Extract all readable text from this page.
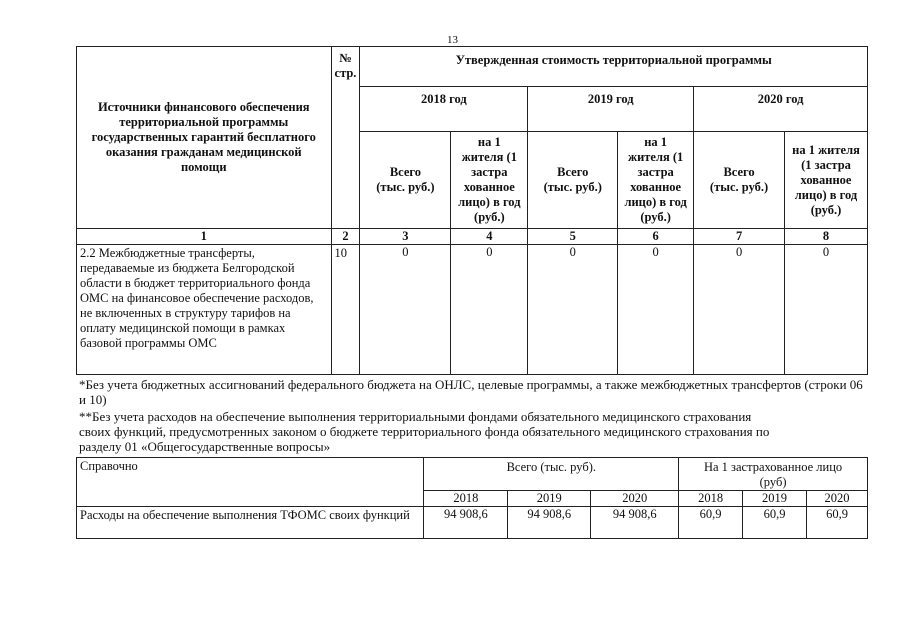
13
Источники финансового обеспечения территориальной программы государственных гарантий бесплатного оказания гражданам медицинской помощи	№ стр.	Утвержденная стоимость территориальной программы					

		2018 год		2019 год		2020 год	

		Всего (тыс. руб.)	на 1 жителя (1 застра хованное лицо) в год (руб.)	Всего (тыс. руб.)	на 1 жителя (1 застра хованное лицо) в год (руб.)	Всего (тыс. руб.)	на 1 жителя (1 застра хованное лицо) в год (руб.)

1	2	3	4	5	6	7	8

2.2 Межбюджетные трансферты, передаваемые из бюджета Белгородской области в бюджет территориального фонда ОМС на финансовое обеспечение расходов, не включенных в структуру тарифов на оплату медицинской помощи в рамках базовой программы ОМС	10	0	0	0	0	0	0
*Без учета бюджетных ассигнований федерального бюджета на ОНЛС, целевые программы, а также межбюджетных трансфертов (строки 06 и 10)
**Без учета расходов на обеспечение выполнения территориальными фондами обязательного медицинского страхования
своих функций, предусмотренных законом о бюджете территориального фонда обязательного медицинского страхования по
разделу 01 «Общегосударственные вопросы»
Справочно	Всего (тыс. руб).			На 1 застрахованное лицо (руб)		

	2018	2019	2020	2018	2019	2020

Расходы на обеспечение выполнения ТФОМС своих функций	94 908,6	94 908,6	94 908,6	60,9	60,9	60,9
